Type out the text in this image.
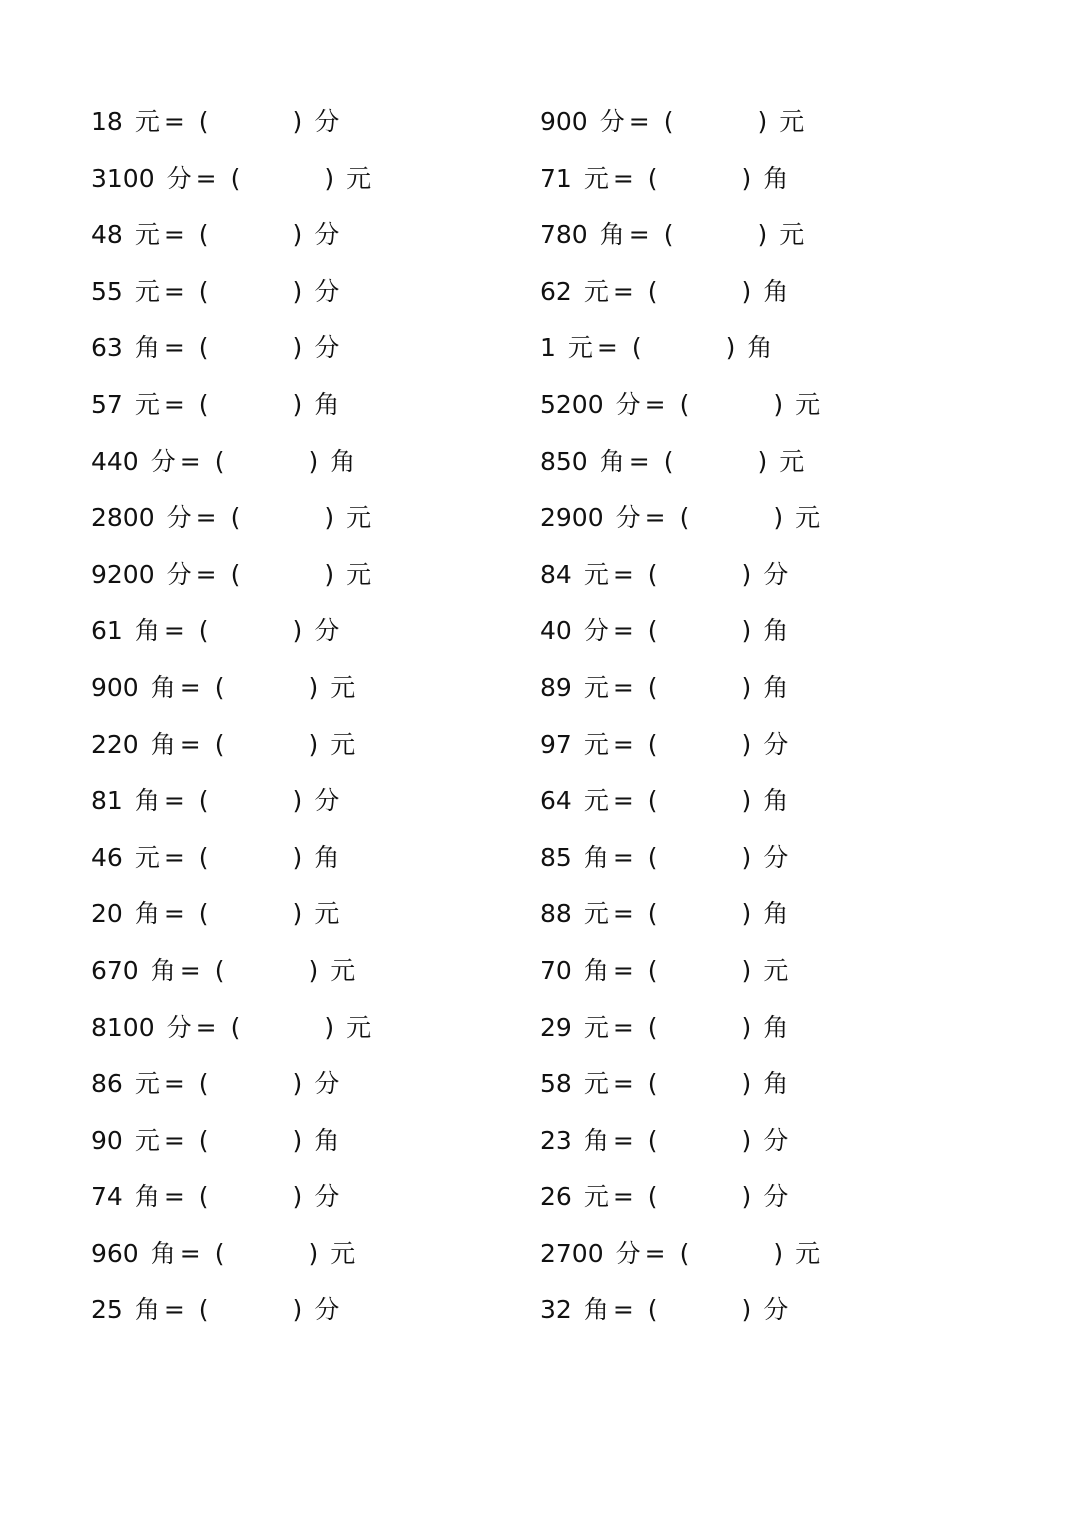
18 元 = (	) 分
3100 分 = (	) 元
48 元 = (	) 分
55 元 = (	) 分
63 角 = (	) 分
57 元 = (	) 角
440 分 = (	) 角
2800 分 = (	) 元
9200 分 = (	) 元
61 角 = (	) 分
900 角 = (	) 元
220 角 = (	) 元
81 角 = (	) 分
46 元 = (	) 角
20 角 = (	) 元
670 角 = (	) 元
8100 分 = (	) 元
86 元 = (	) 分
90 元 = (	) 角
74 角 = (	) 分
960 角 = (	) 元
25 角 = (	) 分
900 分 = (	) 元
71 元 = (	) 角
780 角 = (	) 元
62 元 = (	) 角
1 元 = (	) 角
5200 分 = (	) 元
850 角 = (	) 元
2900 分 = (	) 元
84 元 = (	) 分
40 分 = (	) 角
89 元 = (	) 角
97 元 = (	) 分
64 元 = (	) 角
85 角 = (	) 分
88 元 = (	) 角
70 角 = (	) 元
29 元 = (	) 角
58 元 = (	) 角
23 角 = (	) 分
26 元 = (	) 分
2700 分 = (	) 元
32 角 = (	) 分
